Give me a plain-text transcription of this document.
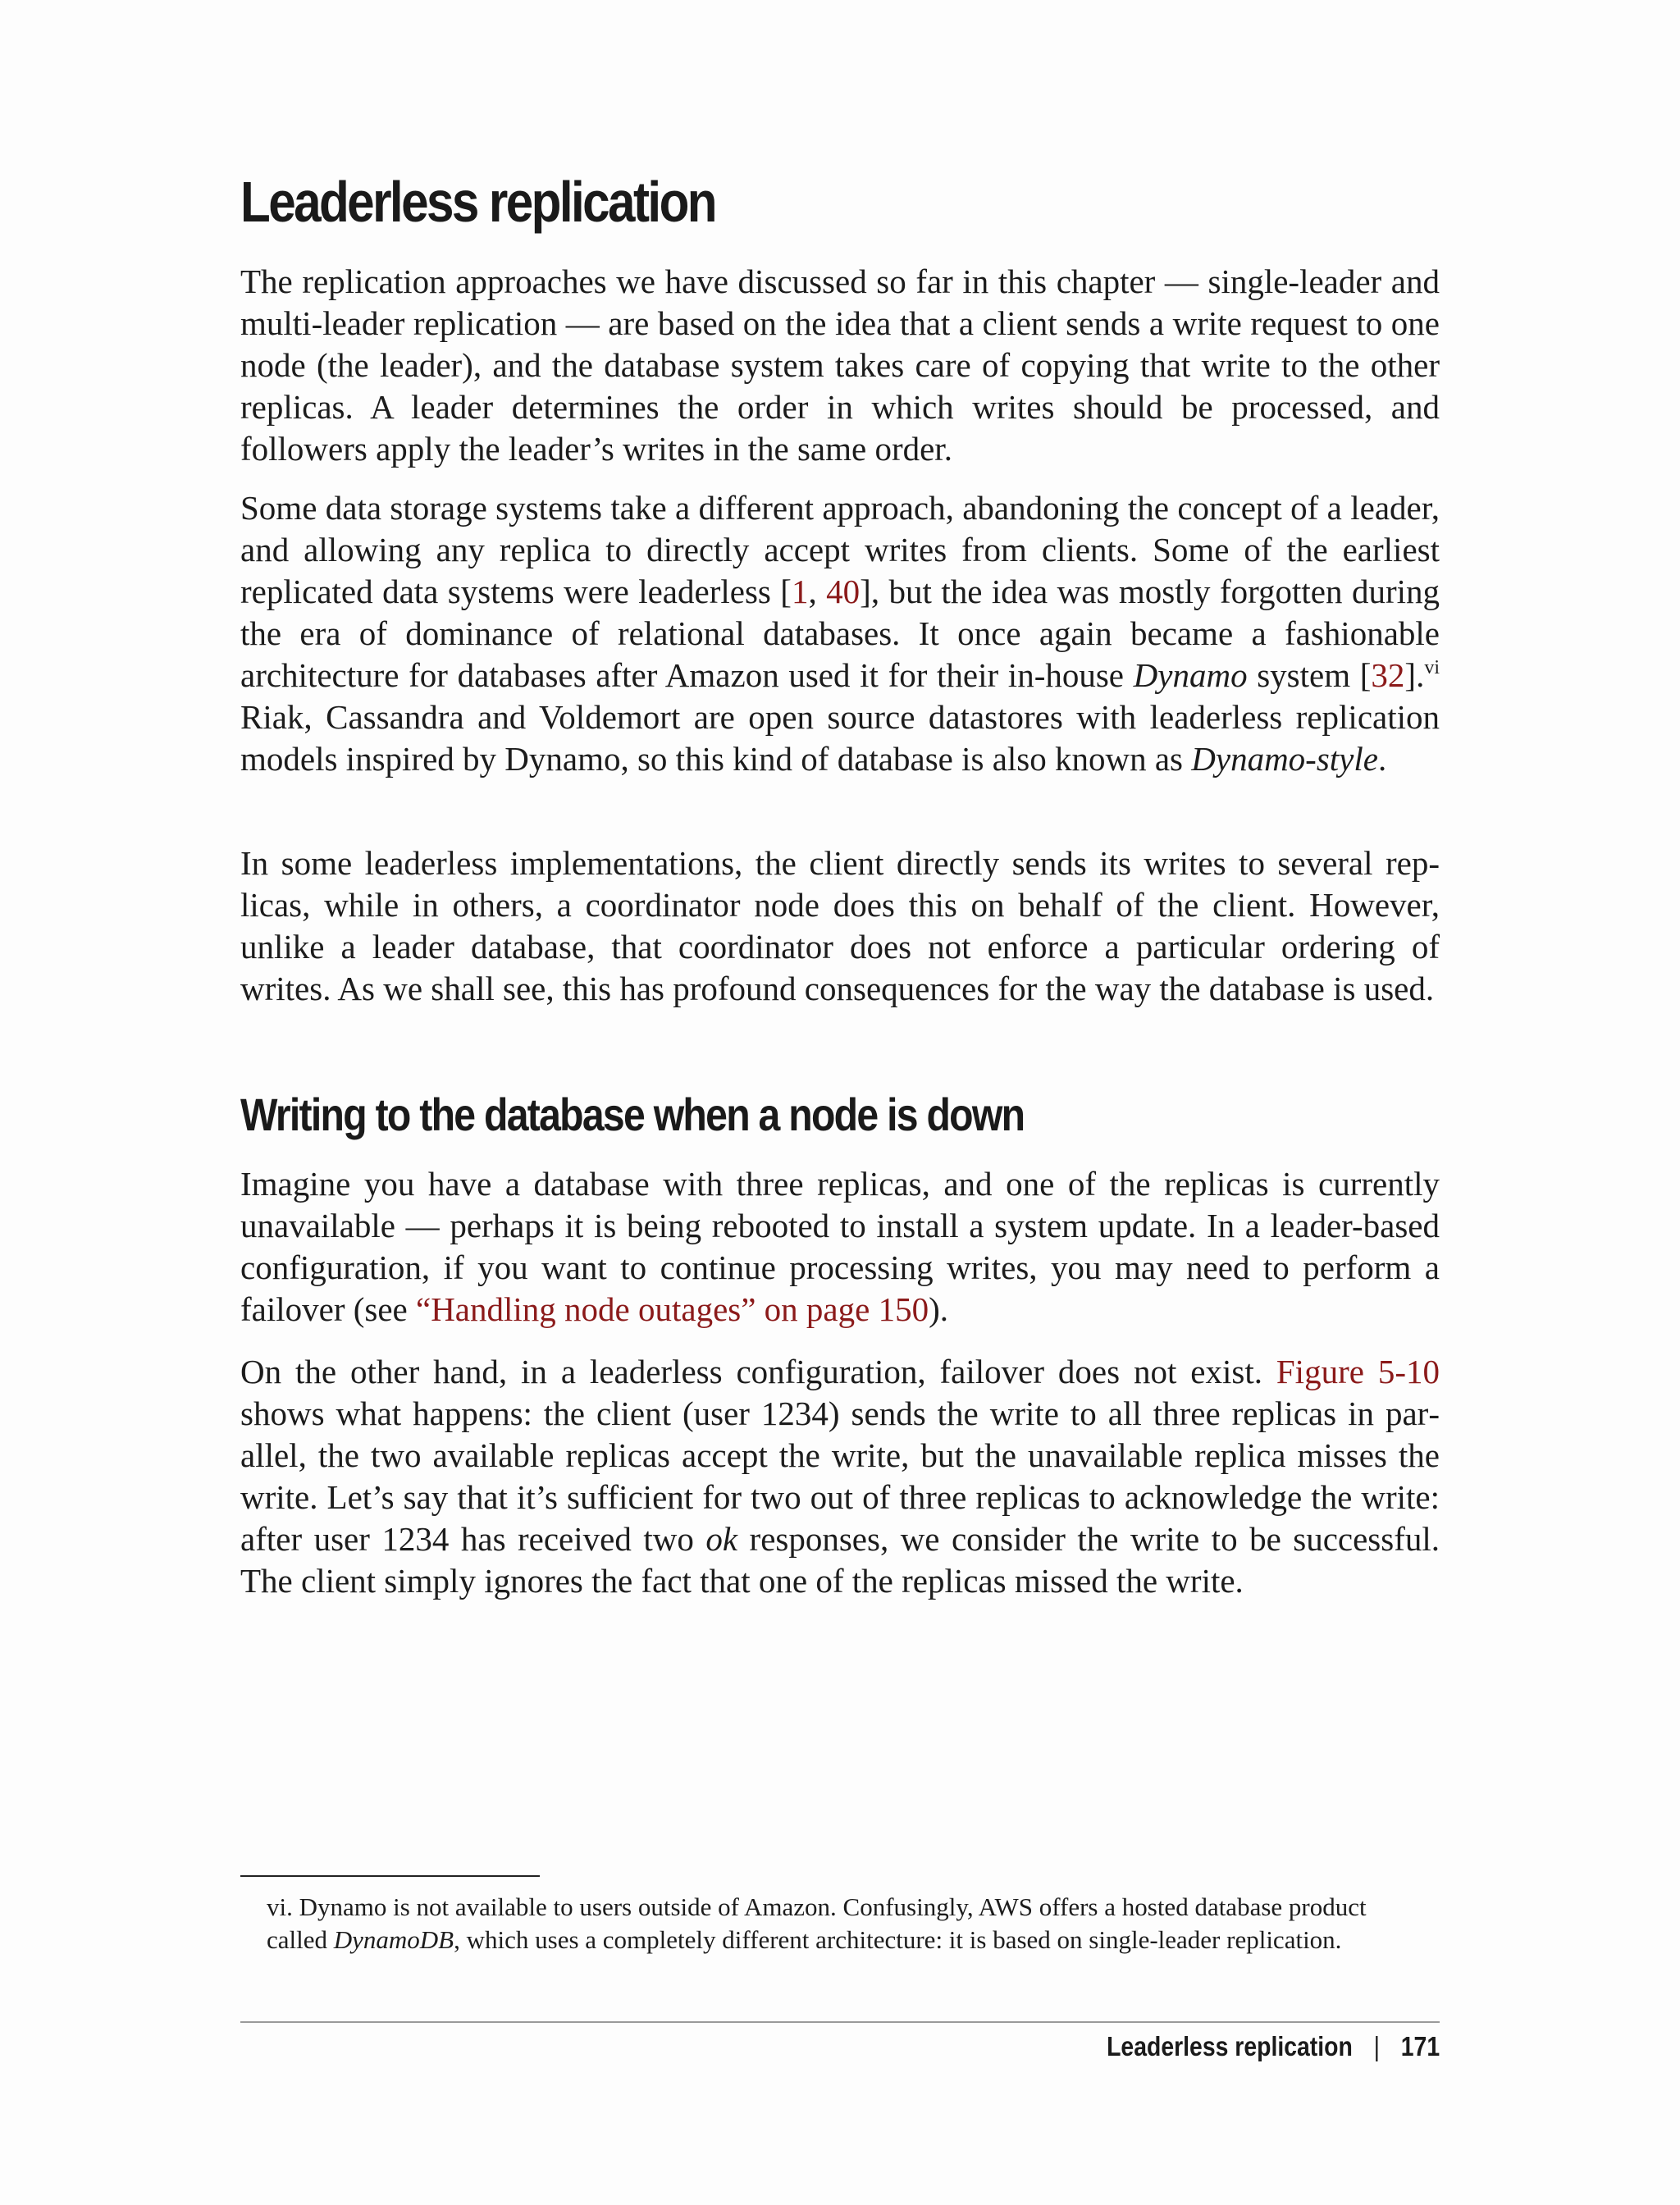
Leaderless replication

The replication approaches we have discussed so far in this chapter — single-leader and multi-leader replication — are based on the idea that a client sends a write request to one node (the leader), and the database system takes care of copying that write to the other replicas. A leader determines the order in which writes should be processed, and followers apply the leader’s writes in the same order.

Some data storage systems take a different approach, abandoning the concept of a leader, and allowing any replica to directly accept writes from clients. Some of the earliest replicated data systems were leaderless [1, 40], but the idea was mostly forgotten during the era of dominance of relational databases. It once again became a fashionable architecture for databases after Amazon used it for their in-house Dynamo system [32].$^{vi}$ Riak, Cassandra and Voldemort are open source datastores with leaderless replication models inspired by Dynamo, so this kind of database is also known as Dynamo-style.

In some leaderless implementations, the client directly sends its writes to several replicas, while in others, a coordinator node does this on behalf of the client. However, unlike a leader database, that coordinator does not enforce a particular ordering of writes. As we shall see, this has profound consequences for the way the database is used.

Writing to the database when a node is down

Imagine you have a database with three replicas, and one of the replicas is currently unavailable — perhaps it is being rebooted to install a system update. In a leader-based configuration, if you want to continue processing writes, you may need to perform a failover (see “Handling node outages” on page 150).

On the other hand, in a leaderless configuration, failover does not exist. Figure 5-10 shows what happens: the client (user 1234) sends the write to all three replicas in parallel, the two available replicas accept the write, but the unavailable replica misses the write. Let’s say that it’s sufficient for two out of three replicas to acknowledge the write: after user 1234 has received two ok responses, we consider the write to be successful. The client simply ignores the fact that one of the replicas missed the write.

vi. Dynamo is not available to users outside of Amazon. Confusingly, AWS offers a hosted database product called DynamoDB, which uses a completely different architecture: it is based on single-leader replication.

Leaderless replication | 171
